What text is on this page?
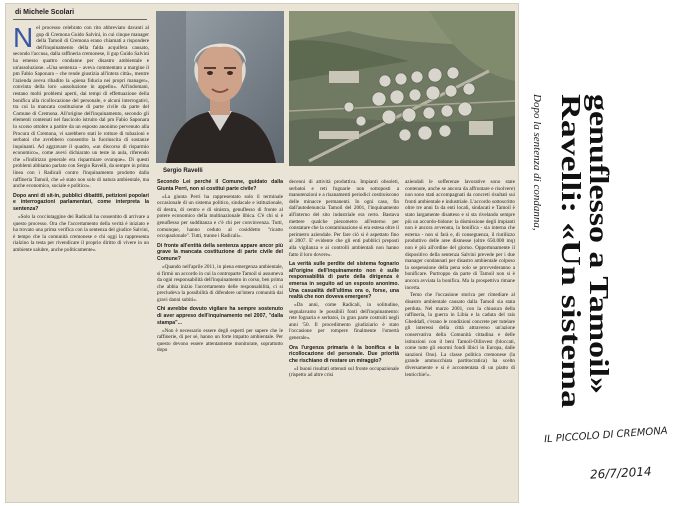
di Michele Scolari
N el processo celebrato con rito abbreviato davanti al gup di Cremona Guido Salvini, in cui cinque manager della Tamoil di Cremona erano chiamati a rispondere dell'inquinamento della falda acquifera causato, secondo l'accusa, dalla raffineria cremonese, il gup Guido Salvini ha emesso quattro condanne per disastro ambientale e un'assoluzione. «Una sentenza – aveva commentato a margine il pm Fabio Saponara – che rende giustizia all'intera città», mentre l'azienda aveva ribadito la «piena fiducia nei propri manager», convinta della loro «assoluzione in appello». All'indomani, restano molti problemi aperti, dai tempi di effettuazione della bonifica alla ricollocazione del personale, e alcuni interrogativi, tra cui la mancata costituzione di parte civile da parte del Comune di Cremona. All'origine dell'inquinamento, secondo gli elementi contenuti nel fascicolo istruito dal pm Fabio Saponara lo scorso ottobre a partire da un esposto anonimo pervenuto alla Procura di Cremona, vi sarebbero stati le rotture di tubazioni e serbatoi che avrebbero consentito la fuoriuscita di sostanze inquinanti. Ad aggravare il quadro, «un discorso di risparmio economico», come avevi dichiarato un teste in aula, riferendo che «l'indirizzo generale era risparmiare ovunque». Di questi problemi abbiamo parlato con Sergio Ravelli, da sempre in prima linea con i Radicali contro l'inquinamento prodotto dalla raffineria Tamoil, che «è stato non solo di natura ambientale, ma anche economico, sociale e politico».

Dopo anni di sit-in, pubblici dibattiti, petizioni popolari e interrogazioni parlamentari, come interpreta la sentenza?

«Solo la cocciutaggine dei Radicali ha consentito di arrivare a questo processo. Ora che l'accertamento della verità è iniziato e ha trovato una prima verifica con la sentenza del giudice Salvini, è tempo che la comunità cremonese e chi oggi la rappresenta rialzino la testa per rivendicare il proprio diritto di vivere in un ambiente salubre, anche politicamente».

Sergio Ravelli

Secondo Lei perché il Comune, guidato dalla Giunta Perri, non si costituì parte civile?

«La giunta Perri ha rappresentato solo il terminale occasionale di un sistema politico, sindacale e istituzionale, di destra, di centro e di sinistra, genuflesso di fronte al potere economico della multinazionale libica. C'è chi si è genuflesso per sudditanza e c'è chi per convinvenza. Tutti, comunque, hanno ceduto al cosiddetto "ricatto occupazionale". Tutti, tranne i Radicali».

Di fronte all'entità della sentenza appare ancor più grave la mancata costituzione di parte civile del Comune?

«Quando nell'aprile 2011, in piena emergenza ambientale, si firmò un accordo in cui la controparte Tamoil si assumeva da ogni responsabilità dell'inquinamento in corso, ben prima che abbia inizio l'accertamento delle responsabilità, ci si precludeva la possibilità di difendere un'intera comunità dai gravi danni subiti».

Chi avrebbe dovuto vigilare ha sempre sostenuto di aver appreso dell'inquinamento nel 2007, "dalla stampa"...

«Non è necessario essere degli esperti per sapere che le raffinerie, di per sé, hanno un forte impatto ambientale. Per questo devono essere attentamente monitorate, soprattutto dopo

decenni di attività produttiva. Impianti obsoleti, serbatoi e reti fognarie non sottoposti a manutenzioni e a risanamenti periodici costituiscono delle minacce permanenti. In ogni caso, fin dall'autodenuncia Tamoil del 2001, l'inquinamento all'interno del sito industriale era certo. Bastava mettere qualche piezometro all'esterno per constatare che la contaminazione si era estesa oltre il perimetro aziendale. Per fare ciò si è aspettato fino al 2007. E' evidente che gli enti pubblici preposti alla vigilanza e ai controlli ambientali non hanno fatto il loro dovere».

La verità sulle perdite del sistema fognario all'origine dell'inquinamento non è sulle responsabilità di parte della dirigenza è emersa in seguito ad un esposto anonimo. Una casualità dell'ultima ora o, forse, una realtà che non doveva emergere?

«Da anni, come Radicali, in solitudine, segnalavamo le possibili fonti dell'inquinamento: rete fognaria e serbatoi, in gran parte costruiti negli anni '50. Il procedimento giudiziario è stato l'occasione per rompere finalmente l'omertà generale».

Ora l'urgenza primaria è la bonifica e la ricollocazione del personale. Due priorità che rischiano di restare un miraggio?

«I buoni risultati ottenuti sul fronte occupazionale (rispetto ad altre crisi

aziendali le sofferenze lavorative sono state contenute, anche se ancora da affrontare e risolvere) non sono stati accompagnati da concreti risultati sui fronti ambientale e industriale. L'accordo sottoscritto oltre tre anni fa da enti locali, sindacati e Tamoil è stato largamente disatteso e si sta rivelando sempre più un accordo-bidone: la dismissione degli impianti non è ancora avvenuta, la bonifica - sia interna che esterna - non si farà e, di conseguenza, il riutilizzo produttivo delle aree dismesse (oltre 650.000 mq) non è più all'ordine del giorno. Opportunamente il dispositivo della sentenza Salvini prevede per i due manager condannati per disastro ambientale colposo la sospensione della pena solo se provvederanno a bonificare. Purtroppo da parte di Tamoil non si è ancora avviata la bonifica. Ma la prospettiva rimane incerta.

Temo che l'occasione storica per rimediare al disastro ambientale causato dalla Tamoil sia stata perduta. Nel marzo 2001, con la chiusura della raffineria, la guerra in Libia e la caduta del rais Gheddafi, c'erano le condizioni concrete per tutelare gli interessi della città attraverso un'azione conservativa della Comunità cittadina e delle istituzioni con il beni Tamoil-Oilinvest (bloccati, come tutte gli enormi fondi libici in Europa, dalle sanzioni Onu). La classe politica cremonese (la grande ammucchiata partitocratica) ha scelto diversamente e si è accontentata di un piatto di lenticchie!».

Dopo la sentenza di condanna, Ravelli: «Un sistema
genuflesso a Tamoil»
IL PICCOLO DI CREMONA
26/7/2014
